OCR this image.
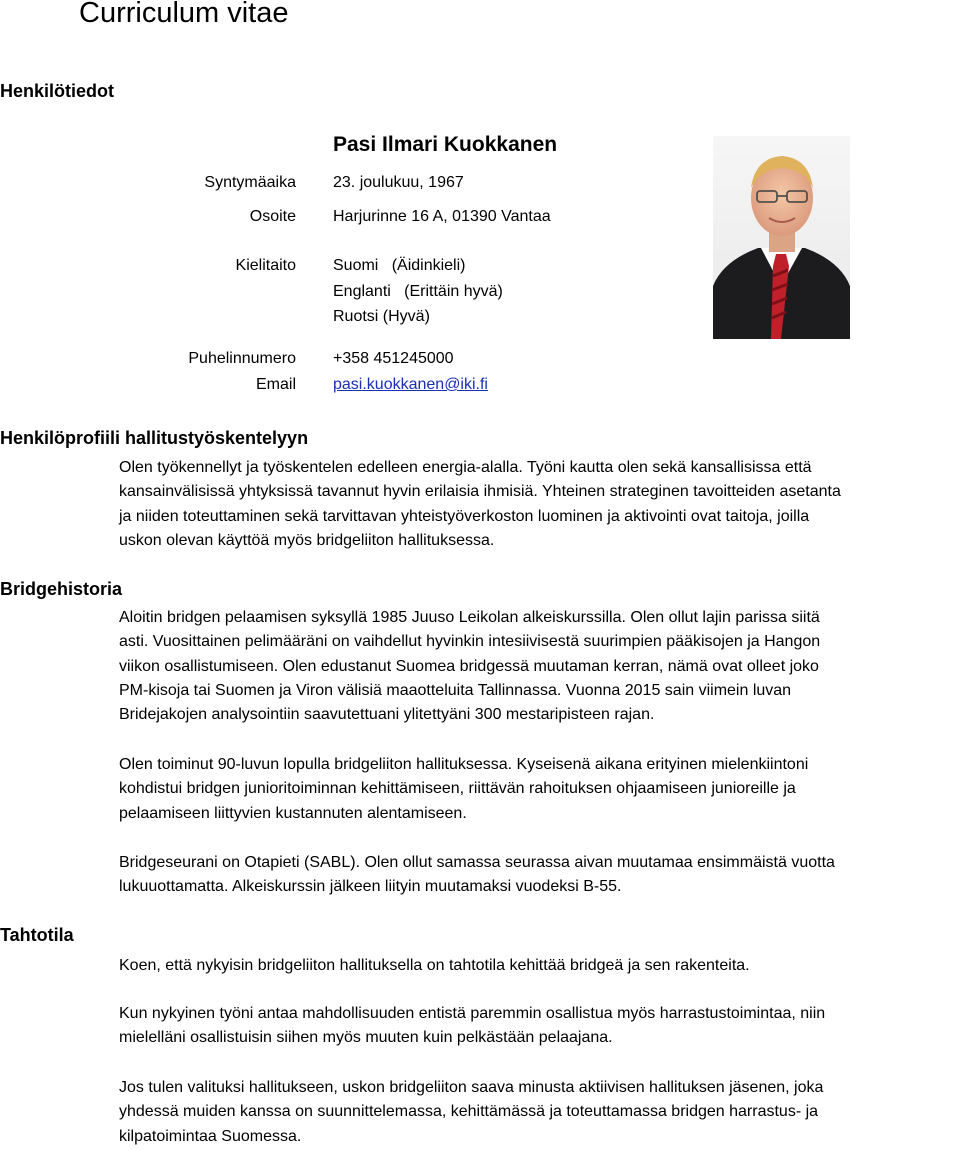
Curriculum vitae
Henkilötiedot
Pasi Ilmari Kuokkanen
Syntymäaika 23. joulukuu, 1967
Osoite Harjurinne 16 A, 01390 Vantaa
Kielitaito Suomi   (Äidinkieli)
Englanti   (Erittäin hyvä)
Ruotsi (Hyvä)
Puhelinnumero +358 451245000
Email pasi.kuokkanen@iki.fi
Henkilöprofiili hallitustyöskentelyyn
Olen työkennellyt ja työskentelen edelleen energia-alalla. Työni kautta olen sekä kansallisissa että
kansainvälisissä yhtyksissä tavannut hyvin erilaisia ihmisiä. Yhteinen strateginen tavoitteiden asetanta
ja niiden toteuttaminen sekä tarvittavan yhteistyöverkoston luominen ja aktivointi ovat taitoja, joilla
uskon olevan käyttöä myös bridgeliiton hallituksessa.
Bridgehistoria
Aloitin bridgen pelaamisen syksyllä 1985 Juuso Leikolan alkeiskurssilla. Olen ollut lajin parissa siitä
asti. Vuosittainen pelimääräni on vaihdellut hyvinkin intesiivisestä suurimpien pääkisojen ja Hangon
viikon osallistumiseen. Olen edustanut Suomea bridgessä muutaman kerran, nämä ovat olleet joko
PM-kisoja tai Suomen ja Viron välisiä maaotteluita Tallinnassa. Vuonna 2015 sain viimein luvan
Bridejakojen analysointiin saavutettuani ylitettyäni 300 mestaripisteen rajan.
Olen toiminut 90-luvun lopulla bridgeliiton hallituksessa. Kyseisenä aikana erityinen mielenkiintoni
kohdistui bridgen junioritoiminnan kehittämiseen, riittävän rahoituksen ohjaamiseen junioreille ja
pelaamiseen liittyvien kustannuten alentamiseen.
Bridgeseurani on Otapieti (SABL). Olen ollut samassa seurassa aivan muutamaa ensimmäistä vuotta
lukuuottamatta. Alkeiskurssin jälkeen liityin muutamaksi vuodeksi B-55.
Tahtotila
Koen, että nykyisin bridgeliiton hallituksella on tahtotila kehittää bridgeä ja sen rakenteita.
Kun nykyinen työni antaa mahdollisuuden entistä paremmin osallistua myös harrastustoimintaa, niin
mielelläni osallistuisin siihen myös muuten kuin pelkästään pelaajana.
Jos tulen valituksi hallitukseen, uskon bridgeliiton saava minusta aktiivisen hallituksen jäsenen, joka
yhdessä muiden kanssa on suunnittelemassa, kehittämässä ja toteuttamassa bridgen harrastus- ja
kilpatoimintaa Suomessa.
